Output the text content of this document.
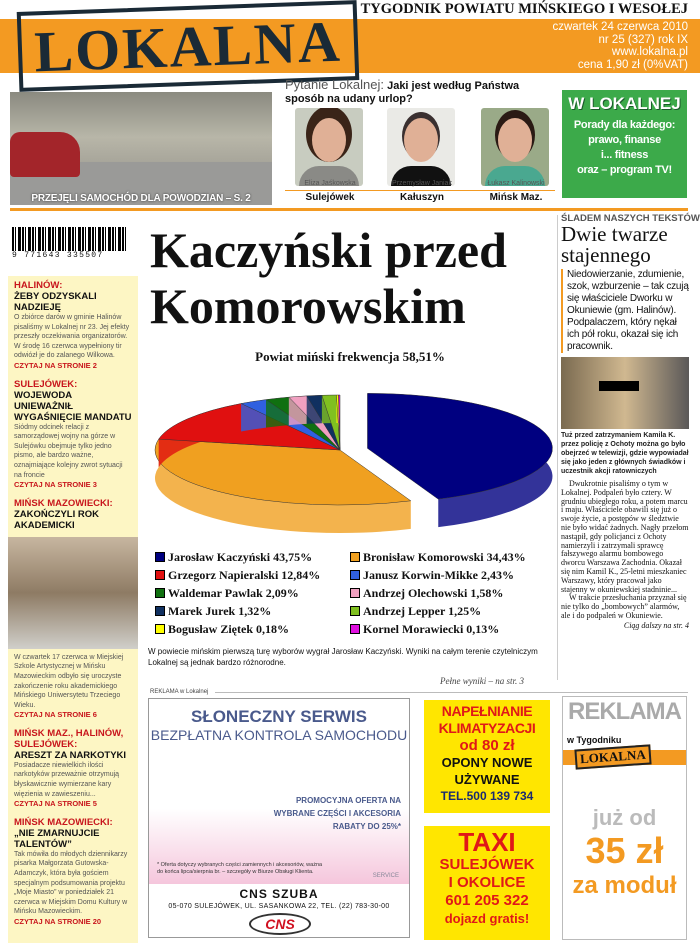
TYGODNIK POWIATU MIŃSKIEGO I WESOŁEJ
LOKALNA	czwartek 24 czerwca 2010
nr 25 (327) rok IX
www.lokalna.pl
cena 1,90 zł (0%VAT)
PRZEJĘLI SAMOCHÓD DLA POWODZIAN – S. 2
Pytanie Lokalnej: Jaki jest według Państwa sposób na udany urlop?
Eliza Jaśkowska	Przemysław Janiak	Łukasz Kalinowski
Sulejówek	Kałuszyn	Mińsk Maz.
W LOKALNEJ
Porady dla każdego:
prawo, finanse
i... fitness
oraz – program TV!
9 771643 335507
HALINÓW:
ŻEBY ODZYSKALI NADZIEJĘ
O zbiórce darów w gminie Halinów pisaliśmy w Lokalnej nr 23. Jej efekty przeszły oczekiwania organizatorów. W środę 16 czerwca wypełniony tir odwiózł je do zalanego Wilkowa.
CZYTAJ NA STRONIE 2
SULEJÓWEK:
WOJEWODA UNIEWAŻNIŁ WYGAŚNIĘCIE MANDATU
Siódmy odcinek relacji z samorządowej wojny na górze w Sulejówku obejmuje tylko jedno pismo, ale bardzo ważne, oznajmiające kolejny zwrot sytuacji na froncie
CZYTAJ NA STRONIE 3
MIŃSK MAZOWIECKI:
ZAKOŃCZYLI ROK AKADEMICKI
W czwartek 17 czerwca w Miejskiej Szkole Artystycznej w Mińsku Mazowieckim odbyło się uroczyste zakończenie roku akademickiego Mińskiego Uniwersytetu Trzeciego Wieku.
CZYTAJ NA STRONIE 6
MIŃSK MAZ., HALINÓW, SULEJÓWEK:
ARESZT ZA NARKOTYKI
Posiadacze niewielkich ilości narkotyków przeważnie otrzymują błyskawicznie wymierzane kary więzienia w zawieszeniu...
CZYTAJ NA STRONIE 5
MIŃSK MAZOWIECKI:
„NIE ZMARNUJCIE TALENTÓW”
Tak mówiła do młodych dziennikarzy pisarka Małgorzata Gutowska-Adamczyk, która była gościem specjalnym podsumowania projektu „Moje Miasto” w poniedziałek 21 czerwca w Miejskim Domu Kultury w Mińsku Mazowieckim.
CZYTAJ NA STRONIE 20
Kaczyński przed
Komorowskim
Powiat miński frekwencja 58,51%
Jarosław Kaczyński 43,75%	Bronisław Komorowski 34,43%
Grzegorz Napieralski 12,84%	Janusz Korwin-Mikke 2,43%
Waldemar Pawlak 2,09%	Andrzej Olechowski 1,58%
Marek Jurek 1,32%	Andrzej Lepper 1,25%
Bogusław Ziętek 0,18%	Kornel Morawiecki 0,13%
W powiecie mińskim pierwszą turę wyborów wygrał Jarosław Kaczyński. Wyniki na całym terenie czytelniczym Lokalnej są jednak bardzo różnorodne.
Pełne wyniki – na str. 3
ŚLADEM NASZYCH TEKSTÓW
Dwie twarze stajennego
Niedowierzanie, zdumienie, szok, wzburzenie – tak czują się właściciele Dworku w Okuniewie (gm. Halinów). Podpalaczem, który nękał ich pół roku, okazał się ich pracownik.
Tuż przed zatrzymaniem Kamila K. przez policję z Ochoty można go było obejrzeć w telewizji, gdzie wypowiadał się jako jeden z głównych świadków i uczestnik akcji ratowniczych
Dwukrotnie pisaliśmy o tym w Lokalnej. Podpaleń było cztery. W grudniu ubiegłego roku, a potem marcu i maju. Właściciele obawili się już o swoje życie, a postępów w śledztwie nie było widać żadnych. Nagły przełom nastąpił, gdy policjanci z Ochoty namierzyli i zatrzymali sprawcę fałszywego alarmu bombowego dworcu Warszawa Zachodnia. Okazał się nim Kamil K., 25-letni mieszkaniec Warszawy, który pracował jako stajenny w okuniewskiej stadninie...
W trakcie przesłuchania przyznał się nie tylko do „bombowych” alarmów, ale i do podpaleń w Okuniewie.
Ciąg dalszy na str. 4
REKLAMA w Lokalnej
SŁONECZNY SERWIS
BEZPŁATNA KONTROLA SAMOCHODU
PROMOCYJNA OFERTA NA
WYBRANE CZĘŚCI I AKCESORIA
RABATY DO 25%*
* Oferta dotyczy wybranych części zamiennych i akcesoriów, ważna do końca lipca/sierpnia br. – szczegóły w Biurze Obsługi Klienta.
SERVICE
CNS SZUBA
05-070 SULEJÓWEK, UL. SASANKOWA 22, TEL. (22) 783-30-00
CNS
NAPEŁNIANIE
KLIMATYZACJI
od 80 zł
OPONY NOWE
UŻYWANE
TEL.500 139 734
TAXI
SULEJÓWEK
I OKOLICE
601 205 322
dojazd gratis!
REKLAMA
w Tygodniku
LOKALNA
już od
35 zł
za moduł
